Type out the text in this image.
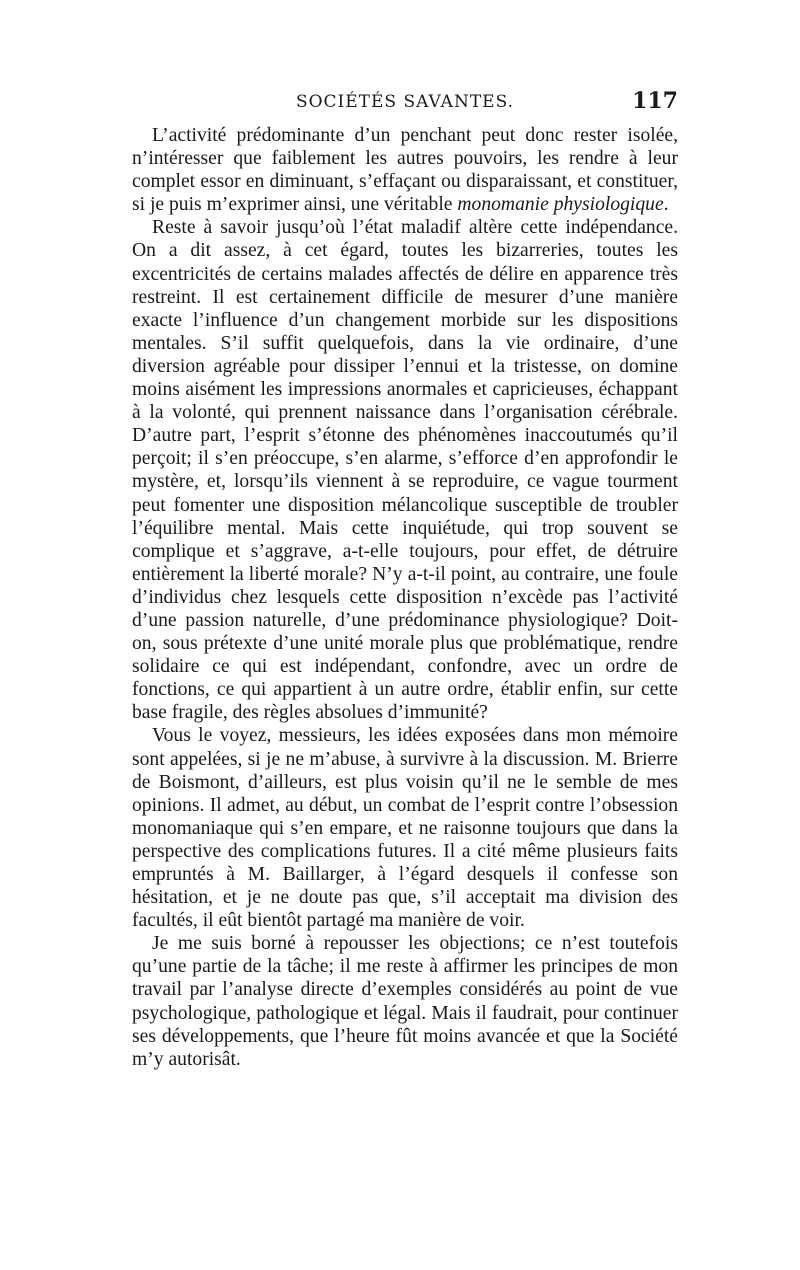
SOCIÉTÉS SAVANTES.	117

L’activité prédominante d’un penchant peut donc rester isolée, n’intéresser que faiblement les autres pouvoirs, les rendre à leur complet essor en diminuant, s’effaçant ou disparaissant, et constituer, si je puis m’exprimer ainsi, une véritable monomanie physiologique.

Reste à savoir jusqu’où l’état maladif altère cette indépendance. On a dit assez, à cet égard, toutes les bizarreries, toutes les excentricités de certains malades affectés de délire en apparence très restreint. Il est certainement difficile de mesurer d’une manière exacte l’influence d’un changement morbide sur les dispositions mentales. S’il suffit quelquefois, dans la vie ordinaire, d’une diversion agréable pour dissiper l’ennui et la tristesse, on domine moins aisément les impressions anormales et capricieuses, échappant à la volonté, qui prennent naissance dans l’organisation cérébrale. D’autre part, l’esprit s’étonne des phénomènes inaccoutumés qu’il perçoit; il s’en préoccupe, s’en alarme, s’efforce d’en approfondir le mystère, et, lorsqu’ils viennent à se reproduire, ce vague tourment peut fomenter une disposition mélancolique susceptible de troubler l’équilibre mental. Mais cette inquiétude, qui trop souvent se complique et s’aggrave, a-t-elle toujours, pour effet, de détruire entièrement la liberté morale? N’y a-t-il point, au contraire, une foule d’individus chez lesquels cette disposition n’excède pas l’activité d’une passion naturelle, d’une prédominance physiologique? Doit-on, sous prétexte d’une unité morale plus que problématique, rendre solidaire ce qui est indépendant, confondre, avec un ordre de fonctions, ce qui appartient à un autre ordre, établir enfin, sur cette base fragile, des règles absolues d’immunité?

Vous le voyez, messieurs, les idées exposées dans mon mémoire sont appelées, si je ne m’abuse, à survivre à la discussion. M. Brierre de Boismont, d’ailleurs, est plus voisin qu’il ne le semble de mes opinions. Il admet, au début, un combat de l’esprit contre l’obsession monomaniaque qui s’en empare, et ne raisonne toujours que dans la perspective des complications futures. Il a cité même plusieurs faits empruntés à M. Baillarger, à l’égard desquels il confesse son hésitation, et je ne doute pas que, s’il acceptait ma division des facultés, il eût bientôt partagé ma manière de voir.

Je me suis borné à repousser les objections; ce n’est toutefois qu’une partie de la tâche; il me reste à affirmer les principes de mon travail par l’analyse directe d’exemples considérés au point de vue psychologique, pathologique et légal. Mais il faudrait, pour continuer ses développements, que l’heure fût moins avancée et que la Société m’y autorisât.
